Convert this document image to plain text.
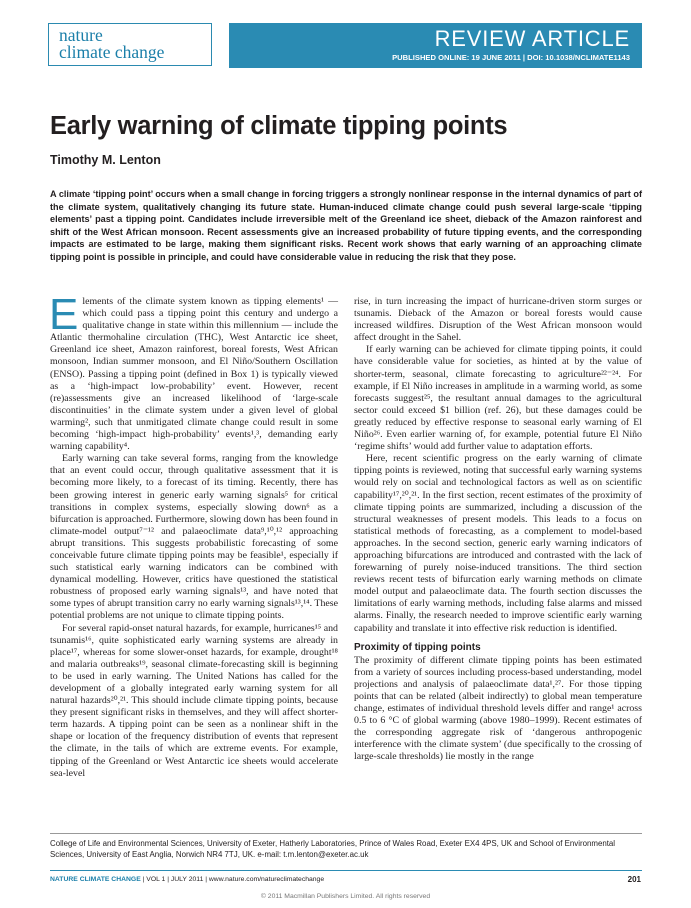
nature
climate change
REVIEW ARTICLE
PUBLISHED ONLINE: 19 JUNE 2011 | DOI: 10.1038/NCLIMATE1143
Early warning of climate tipping points
Timothy M. Lenton

A climate ‘tipping point’ occurs when a small change in forcing triggers a strongly nonlinear response in the internal dynamics of part of the climate system, qualitatively changing its future state. Human-induced climate change could push several large-scale ‘tipping elements’ past a tipping point. Candidates include irreversible melt of the Greenland ice sheet, dieback of the Amazon rainforest and shift of the West African monsoon. Recent assessments give an increased probability of future tipping events, and the corresponding impacts are estimated to be large, making them significant risks. Recent work shows that early warning of an approaching climate tipping point is possible in principle, and could have considerable value in reducing the risk that they pose.

Elements of the climate system known as tipping elements¹ — which could pass a tipping point this century and undergo a qualitative change in state within this millennium — include the Atlantic thermohaline circulation (THC), West Antarctic ice sheet, Greenland ice sheet, Amazon rainforest, boreal forests, West African monsoon, Indian summer monsoon, and El Niño/Southern Oscillation (ENSO). Passing a tipping point (defined in Box 1) is typically viewed as a ‘high-impact low-probability’ event. However, recent (re)assessments give an increased likelihood of ‘large-scale discontinuities’ in the climate system under a given level of global warming², such that unmitigated climate change could result in some becoming ‘high-impact high-probability’ events¹,³, demanding early warning capability⁴.

Early warning can take several forms, ranging from the knowledge that an event could occur, through qualitative assessment that it is becoming more likely, to a forecast of its timing. Recently, there has been growing interest in generic early warning signals⁵ for critical transitions in complex systems, especially slowing down⁶ as a bifurcation is approached. Furthermore, slowing down has been found in climate-model output⁷⁻¹² and palaeoclimate data⁹,¹⁰,¹² approaching abrupt transitions. This suggests probabilistic forecasting of some conceivable future climate tipping points may be feasible¹, especially if such statistical early warning indicators can be combined with dynamical modelling. However, critics have questioned the statistical robustness of proposed early warning signals¹³, and have noted that some types of abrupt transition carry no early warning signals¹³,¹⁴. These potential problems are not unique to climate tipping points.

For several rapid-onset natural hazards, for example, hurricanes¹⁵ and tsunamis¹⁶, quite sophisticated early warning systems are already in place¹⁷, whereas for some slower-onset hazards, for example, drought¹⁸ and malaria outbreaks¹⁹, seasonal climate-forecasting skill is beginning to be used in early warning. The United Nations has called for the development of a globally integrated early warning system for all natural hazards²⁰,²¹. This should include climate tipping points, because they present significant risks in themselves, and they will affect shorter-term hazards. A tipping point can be seen as a nonlinear shift in the shape or location of the frequency distribution of events that represent the climate, in the tails of which are extreme events. For example, tipping of the Greenland or West Antarctic ice sheets would accelerate sea-level

rise, in turn increasing the impact of hurricane-driven storm surges or tsunamis. Dieback of the Amazon or boreal forests would cause increased wildfires. Disruption of the West African monsoon would affect drought in the Sahel.

If early warning can be achieved for climate tipping points, it could have considerable value for societies, as hinted at by the value of shorter-term, seasonal, climate forecasting to agriculture²²⁻²⁴. For example, if El Niño increases in amplitude in a warming world, as some forecasts suggest²⁵, the resultant annual damages to the agricultural sector could exceed $1 billion (ref. 26), but these damages could be greatly reduced by effective response to seasonal early warning of El Niño²⁶. Even earlier warning of, for example, potential future El Niño ‘regime shifts’ would add further value to adaptation efforts.

Here, recent scientific progress on the early warning of climate tipping points is reviewed, noting that successful early warning systems would rely on social and technological factors as well as on scientific capability¹⁷,²⁰,²¹. In the first section, recent estimates of the proximity of climate tipping points are summarized, including a discussion of the structural weaknesses of present models. This leads to a focus on statistical methods of forecasting, as a complement to model-based approaches. In the second section, generic early warning indicators of approaching bifurcations are introduced and contrasted with the lack of forewarning of purely noise-induced transitions. The third section reviews recent tests of bifurcation early warning methods on climate model output and palaeoclimate data. The fourth section discusses the limitations of early warning methods, including false alarms and missed alarms. Finally, the research needed to improve scientific early warning capability and translate it into effective risk reduction is identified.

Proximity of tipping points

The proximity of different climate tipping points has been estimated from a variety of sources including process-based understanding, model projections and analysis of palaeoclimate data¹,²⁷. For those tipping points that can be related (albeit indirectly) to global mean temperature change, estimates of individual threshold levels differ and range¹ across 0.5 to 6 °C of global warming (above 1980–1999). Recent estimates of the corresponding aggregate risk of ‘dangerous anthropogenic interference with the climate system’ (due specifically to the crossing of large-scale thresholds) lie mostly in the range

College of Life and Environmental Sciences, University of Exeter, Hatherly Laboratories, Prince of Wales Road, Exeter EX4 4PS, UK and School of Environmental Sciences, University of East Anglia, Norwich NR4 7TJ, UK. e-mail: t.m.lenton@exeter.ac.uk

NATURE CLIMATE CHANGE | VOL 1 | JULY 2011 | www.nature.com/natureclimatechange	201
© 2011 Macmillan Publishers Limited. All rights reserved
